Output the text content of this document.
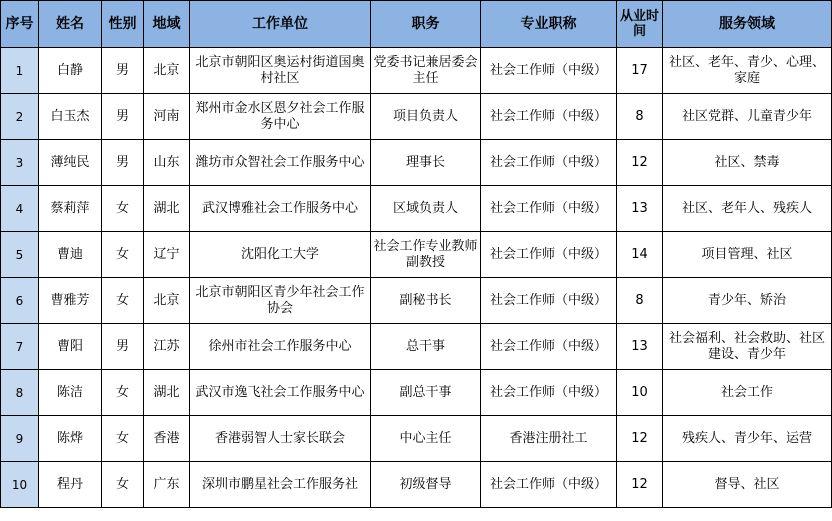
序号	姓名	性别	地域	工作单位	职务	专业职称	从业时间	服务领域
1	白静	男	北京	北京市朝阳区奥运村街道国奥村社区	党委书记兼居委会主任	社会工作师（中级）	17	社区、老年、青少、心理、家庭
2	白玉杰	男	河南	郑州市金水区恩夕社会工作服务中心	项目负责人	社会工作师（中级）	8	社区党群、儿童青少年
3	薄纯民	男	山东	潍坊市众智社会工作服务中心	理事长	社会工作师（中级）	12	社区、禁毒
4	蔡莉萍	女	湖北	武汉博雅社会工作服务中心	区域负责人	社会工作师（中级）	13	社区、老年人、残疾人
5	曹迪	女	辽宁	沈阳化工大学	社会工作专业教师　副教授	社会工作师（中级）	14	项目管理、社区
6	曹雅芳	女	北京	北京市朝阳区青少年社会工作协会	副秘书长	社会工作师（中级）	8	青少年、矫治
7	曹阳	男	江苏	徐州市社会工作服务中心	总干事	社会工作师（中级）	13	社会福利、社会救助、社区建设、青少年
8	陈洁	女	湖北	武汉市逸飞社会工作服务中心	副总干事	社会工作师（中级）	10	社会工作
9	陈烨	女	香港	香港弱智人士家长联会	中心主任	香港注册社工	12	残疾人、青少年、运营
10	程丹	女	广东	深圳市鹏星社会工作服务社	初级督导	社会工作师（中级）	12	督导、社区
